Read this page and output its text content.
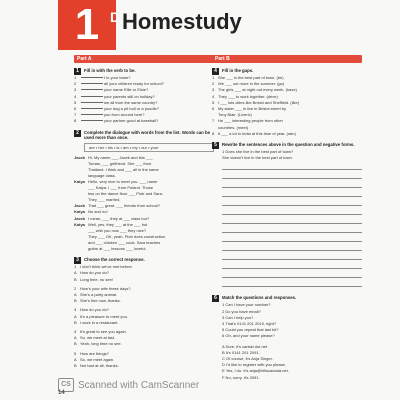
1 D Homestudy
Part A
1	Fill in with the verb to be.
1	I in your team?
2	all your children ready for school?
3	your name Ellie or Elsie?
4	your parents still on holiday?
5	we all from the same country?
6	your dog a pit bull or a poodle?
7	you from around here?
8	your partner good at baseball?
2	Complete the dialogue with words from the list. Words can be used more than once.
are • her • his • is • am • my • our • your
Jacek Hi. My name ___ Jacek and this ___
Tomas, ___ girlfriend. She ___ from
Thailand. I think and ___ all in the same
language class.
Katya Hello, very nice to meet you. ___ name
___ Katya. I ___ from Poland. Those
two on the dance floor ___ Piotr and Sara.
They ___ married.
Jacek That ___ great. ___ friends from school?
Katya No and no!
Jacek I mean, ___ they at ___ class too?
Katya Well, yes, they ___ at the ___ but
___ with you now ___ they nice?
They ___ OK, yeah. Piotr does construction
and ___ chicken ___ cook. Sara teaches
guitar at ___ lessons ___ loveful.
3	Choose the correct response.
1 I don't think we've met before.
A How do you do?
B Long time, no see!
2 How's your wife these days?
A She's a party animal.
B She's fine now, thanks.
3 How do you do?
A It's a pleasure to meet you.
B I work in a restaurant.
4 It's great to see you again.
A So, we meet at last.
B Yeah, long time no see.
5 How are things?
A So, we meet again.
B Not bad at all, thanks.
Part B
4	Fill in the gaps.
1 She ___ is the best part of town. (be)
2 We ___ out more in the summer. (go)
3 The girls ___ at night out every week. (have)
4 They ___ to work together. (drive)
5 I ___ lots cities like Bristol and Sheffield. (like)
6 My sister ___ in live in Bristol street by
Tony Blair. (Liverix)
7 He ___ interesting people from other
countries. (meet)
8 It ___ a lot in India at this time of year. (rain)
5	Rewrite the sentences above in the question and negative forms.
1 Does she live in the best part of town?
She doesn't live in the best part of town.
6	Match the questions and responses.
1 Can I have your number?
2 Do you have email?
3 Can I help you?
4 That's 0141 201 2019, right?
5 Could you repeat that last bit?
6 Oh, and your name please?
A Sure, it's cartski dot net.
B It's 0141 201 2091.
C Of course, it's Anja Singer.
D I'd like to register with you please.
E Yes, I do. It's anja@hillscanada.net.
F No, sorry, it's 2091.
CS Scanned with CamScanner
14
